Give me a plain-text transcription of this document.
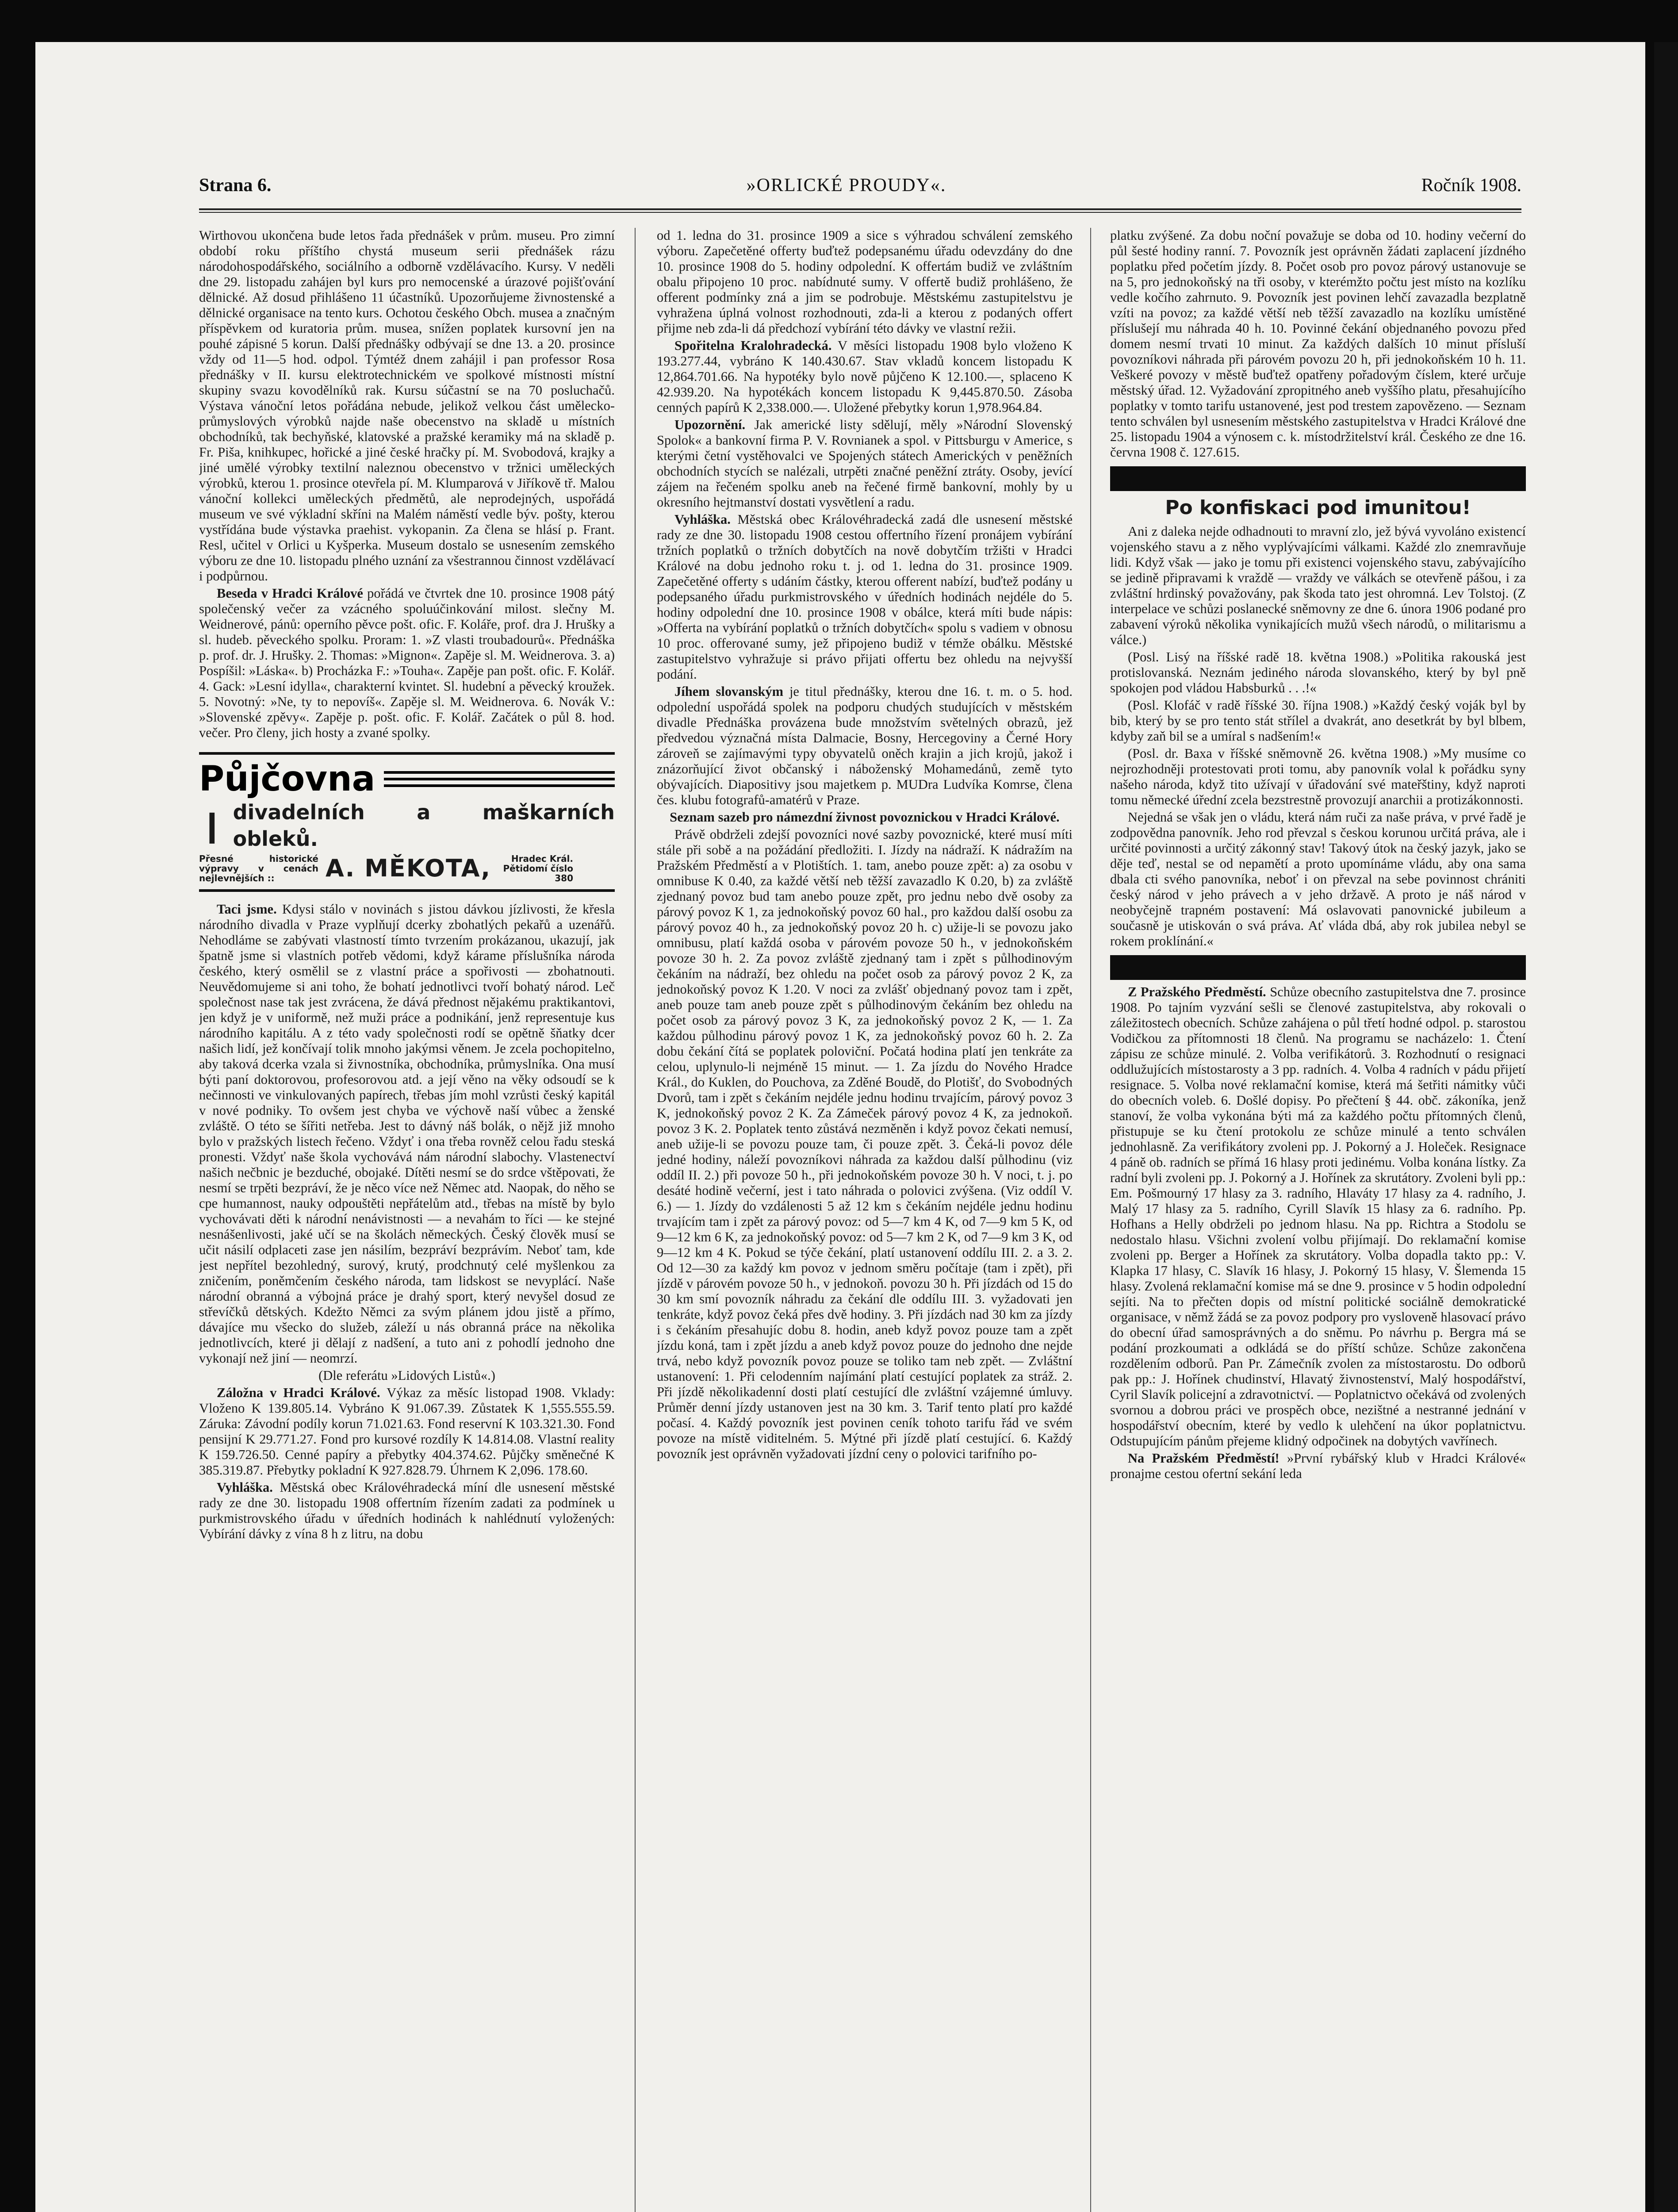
Strana 6.	»ORLICKÉ PROUDY«.	Ročník 1908.

Wirthovou ukončena bude letos řada přednášek v prům. museu. Pro zimní období roku příštího chystá museum serii přednášek rázu národohospodářského, sociálního a odborně vzdělávacího. Kursy. V neděli dne 29. listopadu zahájen byl kurs pro nemocenské a úrazové pojišťování dělnické. Až dosud přihlášeno 11 účastníků. Upozorňujeme živnostenské a dělnické organisace na tento kurs. Ochotou českého Obch. musea a značným příspěvkem od kuratoria prům. musea, snížen poplatek kursovní jen na pouhé zápisné 5 korun. Další přednášky odbývají se dne 13. a 20. prosince vždy od 11—5 hod. odpol. Týmtéž dnem zahájil i pan professor Rosa přednášky v II. kursu elektrotechnickém ve spolkové místnosti místní skupiny svazu kovodělníků rak. Kursu súčastní se na 70 posluchačů. Výstava vánoční letos pořádána nebude, jelikož velkou část umělecko-průmyslových výrobků najde naše obecenstvo na skladě u místních obchodníků, tak bechyňské, klatovské a pražské keramiky má na skladě p. Fr. Piša, knihkupec, hořické a jiné české hračky pí. M. Svobodová, krajky a jiné umělé výrobky textilní naleznou obecenstvo v tržnici uměleckých výrobků, kterou 1. prosince otevřela pí. M. Klumparová v Jiříkově tř. Malou vánoční kollekci uměleckých předmětů, ale neprodejných, uspořádá museum ve své výkladní skříni na Malém náměstí vedle býv. pošty, kterou vystřídána bude výstavka praehist. vykopanin. Za člena se hlásí p. Frant. Resl, učitel v Orlici u Kyšperka. Museum dostalo se usnesením zemského výboru ze dne 10. listopadu plného uznání za všestrannou činnost vzdělávací i podpůrnou.

Beseda v Hradci Králové pořádá ve čtvrtek dne 10. prosince 1908 pátý společenský večer za vzácného spoluúčinkování milost. slečny M. Weidnerové, pánů: operního pěvce pošt. ofic. F. Koláře, prof. dra J. Hrušky a sl. hudeb. pěveckého spolku. Proram: 1. »Z vlasti troubadourů«. Přednáška p. prof. dr. J. Hrušky. 2. Thomas: »Mignon«. Zapěje sl. M. Weidnerova. 3. a) Pospíšil: »Láska«. b) Procházka F.: »Touha«. Zapěje pan pošt. ofic. F. Kolář. 4. Gack: »Lesní idylla«, charakterní kvintet. Sl. hudební a pěvecký kroužek. 5. Novotný: »Ne, ty to nepovíš«. Zapěje sl. M. Weidnerova. 6. Novák V.: »Slovenské zpěvy«. Zapěje p. pošt. ofic. F. Kolář. Začátek o půl 8. hod. večer. Pro členy, jich hosty a zvané spolky.

Půjčovna
❙ divadelních a maškarních obleků.
Přesné historické výpravy v cenách nejlevnějších ::	A. MĚKOTA,	Hradec Král. Pětidomí číslo 380

Taci jsme. Kdysi stálo v novinách s jistou dávkou jízlivosti, že křesla národního divadla v Praze vyplňují dcerky zbohatlých pekařů a uzenářů. Nehodláme se zabývati vlastností tímto tvrzením prokázanou, ukazují, jak špatně jsme si vlastních potřeb vědomi, když kárame příslušníka národa českého, který osmělil se z vlastní práce a spořivosti — zbohatnouti. Neuvědomujeme si ani toho, že bohatí jednotlivci tvoří bohatý národ. Leč společnost nase tak jest zvrácena, že dává přednost nějakému praktikantovi, jen když je v uniformě, než muži práce a podnikání, jenž representuje kus národního kapitálu. A z této vady společnosti rodí se opětně šňatky dcer našich lidí, jež končívají tolik mnoho jakýmsi věnem. Je zcela pochopitelno, aby taková dcerka vzala si živnostníka, obchodníka, průmyslníka. Ona musí býti paní doktorovou, profesorovou atd. a její věno na věky odsoudí se k nečinnosti ve vinkulovaných papírech, třebas jím mohl vzrůsti český kapitál v nové podniky. To ovšem jest chyba ve výchově naší vůbec a ženské zvláště. O této se šířiti netřeba. Jest to dávný náš bolák, o nějž již mnoho bylo v pražských listech řečeno. Vždyť i ona třeba rovněž celou řadu steská pronesti. Vždyť naše škola vychovává nám národní slabochy. Vlastenectví našich nečbnic je bezduché, obojaké. Dítěti nesmí se do srdce vštěpovati, že nesmí se trpěti bezpráví, že je něco více než Němec atd. Naopak, do něho se cpe humannost, nauky odpouštěti nepřátelům atd., třebas na místě by bylo vychovávati děti k národní nenávistnosti — a nevahám to říci — ke stejné nesnášenlivosti, jaké učí se na školách německých. Český člověk musí se učit násilí odplaceti zase jen násilím, bezpráví bezprávím. Neboť tam, kde jest nepřítel bezohledný, surový, krutý, prodchnutý celé myšlenkou za zničením, poněmčením českého národa, tam lidskost se nevyplácí. Naše národní obranná a výbojná práce je drahý sport, který nevyšel dosud ze střevíčků dětských. Kdežto Němci za svým plánem jdou jistě a přímo, dávajíce mu všecko do služeb, záleží u nás obranná práce na několika jednotlivcích, které ji dělají z nadšení, a tuto ani z pohodlí jednoho dne vykonají než jiní — neomrzí.

(Dle referátu »Lidových Listů«.)

Záložna v Hradci Králové. Výkaz za měsíc listopad 1908. Vklady: Vloženo K 139.805.14. Vybráno K 91.067.39. Zůstatek K 1,555.555.59. Záruka: Závodní podíly korun 71.021.63. Fond reservní K 103.321.30. Fond pensijní K 29.771.27. Fond pro kursové rozdíly K 14.814.08. Vlastní reality K 159.726.50. Cenné papíry a přebytky 404.374.62. Půjčky směnečné K 385.319.87. Přebytky pokladní K 927.828.79. Úhrnem K 2,096. 178.60.

Vyhláška. Městská obec Královéhradecká míní dle usnesení městské rady ze dne 30. listopadu 1908 offertním řízením zadati za podmínek u purkmistrovského úřadu v úředních hodinách k nahlédnutí vyložených: Vybírání dávky z vína 8 h z litru, na dobu

od 1. ledna do 31. prosince 1909 a sice s výhradou schválení zemského výboru. Zapečetěné offerty buďtež podepsanému úřadu odevzdány do dne 10. prosince 1908 do 5. hodiny odpolední. K offertám budiž ve zvláštním obalu připojeno 10 proc. nabídnuté sumy. V offertě budiž prohlášeno, že offerent podmínky zná a jim se podrobuje. Městskému zastupitelstvu je vyhražena úplná volnost rozhodnouti, zda-li a kterou z podaných offert přijme neb zda-li dá předchozí vybírání této dávky ve vlastní režii.

Spořitelna Kralohradecká. V měsíci listopadu 1908 bylo vloženo K 193.277.44, vybráno K 140.430.67. Stav vkladů koncem listopadu K 12,864.701.66. Na hypotéky bylo nově půjčeno K 12.100.—, splaceno K 42.939.20. Na hypotékách koncem listopadu K 9,445.870.50. Zásoba cenných papírů K 2,338.000.—. Uložené přebytky korun 1,978.964.84.

Upozornění. Jak americké listy sdělují, měly »Národní Slovenský Spolok« a bankovní firma P. V. Rovnianek a spol. v Pittsburgu v Americe, s kterými četní vystěhovalci ve Spojených státech Amerických v peněžních obchodních stycích se nalézali, utrpěti značné peněžní ztráty. Osoby, jevící zájem na řečeném spolku aneb na řečené firmě bankovní, mohly by u okresního hejtmanství dostati vysvětlení a radu.

Vyhláška. Městská obec Královéhradecká zadá dle usnesení městské rady ze dne 30. listopadu 1908 cestou offertního řízení pronájem vybírání tržních poplatků o tržních dobytčích na nově dobytčím tržišti v Hradci Králové na dobu jednoho roku t. j. od 1. ledna do 31. prosince 1909. Zapečetěné offerty s udáním částky, kterou offerent nabízí, buďtež podány u podepsaného úřadu purkmistrovského v úředních hodinách nejdéle do 5. hodiny odpolední dne 10. prosince 1908 v obálce, která míti bude nápis: »Offerta na vybírání poplatků o tržních dobytčích« spolu s vadiem v obnosu 10 proc. offerované sumy, jež připojeno budiž v témže obálku. Městské zastupitelstvo vyhražuje si právo přijati offertu bez ohledu na nejvyšší podání.

Jíhem slovanským je titul přednášky, kterou dne 16. t. m. o 5. hod. odpolední uspořádá spolek na podporu chudých studujících v městském divadle Přednáška provázena bude množstvím světelných obrazů, jež předvedou význačná místa Dalmacie, Bosny, Hercegoviny a Černé Hory zároveň se zajímavými typy obyvatelů oněch krajin a jich krojů, jakož i znázorňující život občanský i náboženský Mohamedánů, země tyto obývajících. Diapositivy jsou majetkem p. MUDra Ludvíka Komrse, člena čes. klubu fotografů-amatérů v Praze.

Seznam sazeb pro námezdní živnost povoznickou v Hradci Králové.

Právě obdrželi zdejší povozníci nové sazby povoznické, které musí míti stále při sobě a na požádání předložiti. I. Jízdy na nádraží. K nádražím na Pražském Předměstí a v Plotištích. 1. tam, anebo pouze zpět: a) za osobu v omnibuse K 0.40, za každé větší neb těžší zavazadlo K 0.20, b) za zvláště zjednaný povoz bud tam anebo pouze zpět, pro jednu nebo dvě osoby za párový povoz K 1, za jednokoňský povoz 60 hal., pro každou další osobu za párový povoz 40 h., za jednokoňský povoz 20 h. c) užije-li se povozu jako omnibusu, platí každá osoba v párovém povoze 50 h., v jednokoňském povoze 30 h. 2. Za povoz zvláště zjednaný tam i zpět s půlhodinovým čekáním na nádraží, bez ohledu na počet osob za párový povoz 2 K, za jednokoňský povoz K 1.20. V noci za zvlášť objednaný povoz tam i zpět, aneb pouze tam aneb pouze zpět s půlhodinovým čekáním bez ohledu na počet osob za párový povoz 3 K, za jednokoňský povoz 2 K, — 1. Za každou půlhodinu párový povoz 1 K, za jednokoňský povoz 60 h. 2. Za dobu čekání čítá se poplatek poloviční. Počatá hodina platí jen tenkráte za celou, uplynulo-li nejméně 15 minut. — 1. Za jízdu do Nového Hradce Král., do Kuklen, do Pouchova, za Zděné Boudě, do Plotišť, do Svobodných Dvorů, tam i zpět s čekáním nejdéle jednu hodinu trvajícím, párový povoz 3 K, jednokoňský povoz 2 K. Za Zámeček párový povoz 4 K, za jednokoň. povoz 3 K. 2. Poplatek tento zůstává nezměněn i když povoz čekati nemusí, aneb užije-li se povozu pouze tam, či pouze zpět. 3. Čeká-li povoz déle jedné hodiny, náleží povozníkovi náhrada za každou další půlhodinu (viz oddíl II. 2.) při povoze 50 h., při jednokoňském povoze 30 h. V noci, t. j. po desáté hodině večerní, jest i tato náhrada o polovici zvýšena. (Viz oddíl V. 6.) — 1. Jízdy do vzdálenosti 5 až 12 km s čekáním nejdéle jednu hodinu trvajícím tam i zpět za párový povoz: od 5—7 km 4 K, od 7—9 km 5 K, od 9—12 km 6 K, za jednokoňský povoz: od 5—7 km 2 K, od 7—9 km 3 K, od 9—12 km 4 K. Pokud se týče čekání, platí ustanovení oddílu III. 2. a 3. 2. Od 12—30 za každý km povoz v jednom směru počítaje (tam i zpět), při jízdě v párovém povoze 50 h., v jednokoň. povozu 30 h. Při jízdách od 15 do 30 km smí povozník náhradu za čekání dle oddílu III. 3. vyžadovati jen tenkráte, když povoz čeká přes dvě hodiny. 3. Při jízdách nad 30 km za jízdy i s čekáním přesahujíc dobu 8. hodin, aneb když povoz pouze tam a zpět jízdu koná, tam i zpět jízdu a aneb když povoz pouze do jednoho dne nejde trvá, nebo když povozník povoz pouze se toliko tam neb zpět. — Zvláštní ustanovení: 1. Při celodenním najímání platí cestující poplatek za stráž. 2. Při jízdě několikadenní dosti platí cestující dle zvláštní vzájemné úmluvy. Průměr denní jízdy ustanoven jest na 30 km. 3. Tarif tento platí pro každé počasí. 4. Každý povozník jest povinen ceník tohoto tarifu řád ve svém povoze na místě viditelném. 5. Mýtné při jízdě platí cestující. 6. Každý povozník jest oprávněn vyžadovati jízdní ceny o polovici tarifního po-

platku zvýšené. Za dobu noční považuje se doba od 10. hodiny večerní do půl šesté hodiny ranní. 7. Povozník jest oprávněn žádati zaplacení jízdného poplatku před početím jízdy. 8. Počet osob pro povoz párový ustanovuje se na 5, pro jednokoňský na tři osoby, v kterémžto počtu jest místo na kozlíku vedle kočího zahrnuto. 9. Povozník jest povinen lehčí zavazadla bezplatně vzíti na povoz; za každé větší neb těžší zavazadlo na kozlíku umístěné příslušejí mu náhrada 40 h. 10. Povinné čekání objednaného povozu před domem nesmí trvati 10 minut. Za každých dalších 10 minut přísluší povozníkovi náhrada při párovém povozu 20 h, při jednokoňském 10 h. 11. Veškeré povozy v městě buďtež opatřeny pořadovým číslem, které určuje městský úřad. 12. Vyžadování zpropitného aneb vyššího platu, přesahujícího poplatky v tomto tarifu ustanovené, jest pod trestem zapovězeno. — Seznam tento schválen byl usnesením městského zastupitelstva v Hradci Králové dne 25. listopadu 1904 a výnosem c. k. místodržitelství král. Českého ze dne 16. června 1908 č. 127.615.

Po konfiskaci pod imunitou!

Ani z daleka nejde odhadnouti to mravní zlo, jež bývá vyvoláno existencí vojenského stavu a z něho vyplývajícími válkami. Každé zlo znemravňuje lidi. Když však — jako je tomu při existenci vojenského stavu, zabývajícího se jedině připravami k vraždě — vraždy ve válkách se otevřeně pášou, i za zvláštní hrdinský považovány, pak škoda tato jest ohromná. Lev Tolstoj. (Z interpelace ve schůzi poslanecké sněmovny ze dne 6. února 1906 podané pro zabavení výroků několika vynikajících mužů všech národů, o militarismu a válce.)

(Posl. Lisý na říšské radě 18. května 1908.) »Politika rakouská jest protislovanská. Neznám jediného národa slovanského, který by byl pně spokojen pod vládou Habsburků . . .!«

(Posl. Klofáč v radě říšské 30. října 1908.) »Každý český voják byl by bib, který by se pro tento stát střílel a dvakrát, ano desetkrát by byl blbem, kdyby zaň bil se a umíral s nadšením!«

(Posl. dr. Baxa v říšské sněmovně 26. května 1908.) »My musíme co nejrozhodněji protestovati proti tomu, aby panovník volal k pořádku syny našeho národa, když tito užívají v úřadování své mateřštiny, když naproti tomu německé úřední zcela bezstrestně provozují anarchii a protizákonnosti.

Nejedná se však jen o vládu, která nám ruči za naše práva, v prvé řadě je zodpovědna panovník. Jeho rod převzal s českou korunou určitá práva, ale i určité povinnosti a určitý zákonný stav! Takový útok na český jazyk, jako se děje teď, nestal se od nepamětí a proto upomínáme vládu, aby ona sama dbala cti svého panovníka, neboť i on převzal na sebe povinnost chrániti český národ v jeho právech a v jeho državě. A proto je náš národ v neobyčejně trapném postavení: Má oslavovati panovnické jubileum a současně je utiskován o svá práva. Ať vláda dbá, aby rok jubilea nebyl se rokem proklínání.«

Z Pražského Předměstí. Schůze obecního zastupitelstva dne 7. prosince 1908. Po tajním vyzvání sešli se členové zastupitelstva, aby rokovali o záležitostech obecních. Schůze zahájena o půl třetí hodné odpol. p. starostou Vodičkou za přítomnosti 18 členů. Na programu se nacházelo: 1. Čtení zápisu ze schůze minulé. 2. Volba verifikátorů. 3. Rozhodnutí o resignaci oddlužujících místostarosty a 3 pp. radních. 4. Volba 4 radních v pádu přijetí resignace. 5. Volba nové reklamační komise, která má šetřiti námitky vůči do obecních voleb. 6. Došlé dopisy. Po přečtení § 44. obč. zákoníka, jenž stanoví, že volba vykonána býti má za každého počtu přítomných členů, přistupuje se ku čtení protokolu ze schůze minulé a tento schválen jednohlasně. Za verifikátory zvoleni pp. J. Pokorný a J. Holeček. Resignace 4 páně ob. radních se přímá 16 hlasy proti jedinému. Volba konána lístky. Za radní byli zvoleni pp. J. Pokorný a J. Hořínek za skrutátory. Zvoleni byli pp.: Em. Pošmourný 17 hlasy za 3. radního, Hlaváty 17 hlasy za 4. radního, J. Malý 17 hlasy za 5. radního, Cyrill Slavík 15 hlasy za 6. radního. Pp. Hofhans a Helly obdrželi po jednom hlasu. Na pp. Richtra a Stodolu se nedostalo hlasu. Všichni zvolení volbu přijímají. Do reklamační komise zvoleni pp. Berger a Hořínek za skrutátory. Volba dopadla takto pp.: V. Klapka 17 hlasy, C. Slavík 16 hlasy, J. Pokorný 15 hlasy, V. Šlemenda 15 hlasy. Zvolená reklamační komise má se dne 9. prosince v 5 hodin odpolední sejíti. Na to přečten dopis od místní politické sociálně demokratické organisace, v němž žádá se za povoz podpory pro vysloveně hlasovací právo do obecní úřad samosprávných a do sněmu. Po návrhu p. Bergra má se podání prozkoumati a odkládá se do příští schůze. Schůze zakončena rozdělením odborů. Pan Pr. Zámečník zvolen za místostarostu. Do odborů pak pp.: J. Hořínek chudinství, Hlavatý živnostenství, Malý hospodářství, Cyril Slavík policejní a zdravotnictví. — Poplatnictvo očekává od zvolených svornou a dobrou práci ve prospěch obce, nezištné a nestranné jednání v hospodářství obecním, které by vedlo k ulehčení na úkor poplatnictvu. Odstupujícím pánům přejeme klidný odpočinek na dobytých vavřínech.

Na Pražském Předměstí! »První rybářský klub v Hradci Králové« pronajme cestou ofertní sekání leda
